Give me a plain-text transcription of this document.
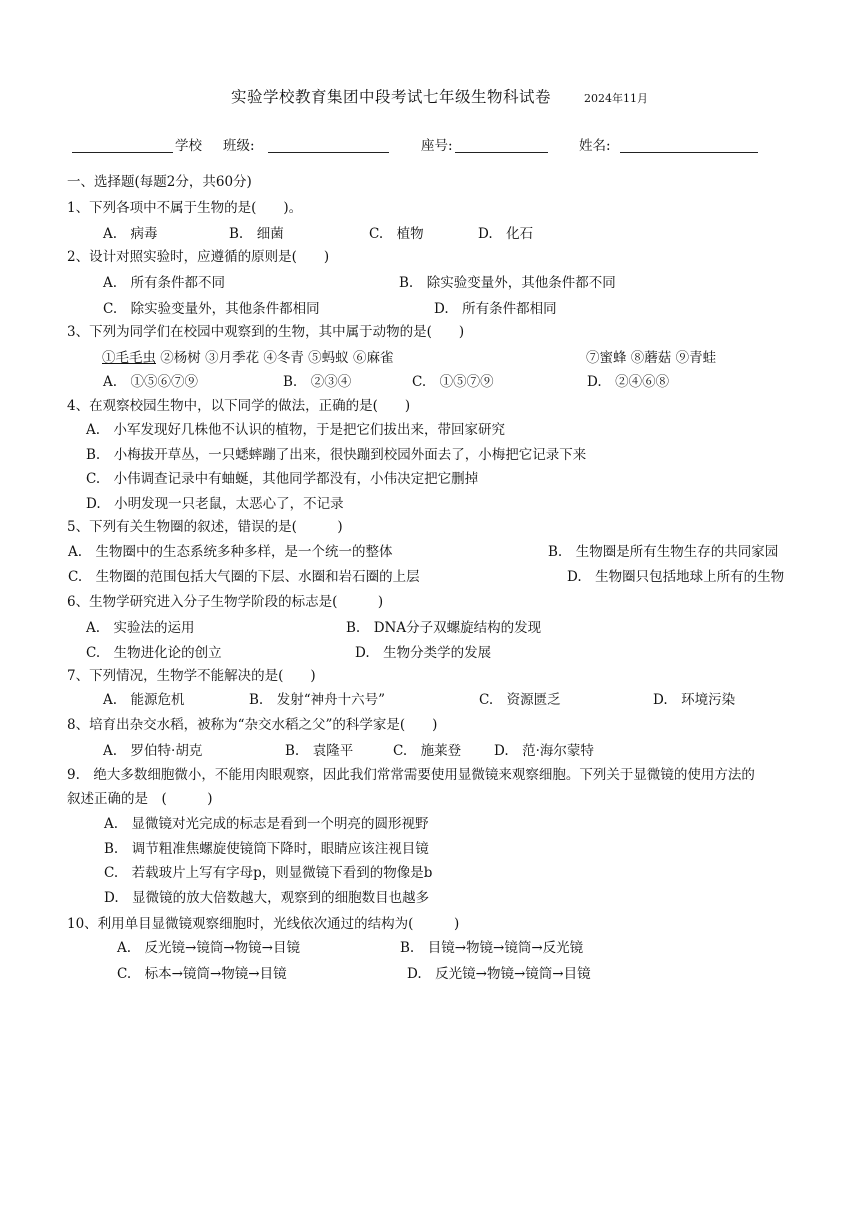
实验学校教育集团中段考试七年级生物科试卷	2024年11月
学校 班级:	座号:	姓名:
一、选择题(每题2分，共60分)
1、下列各项中不属于生物的是(　　)。
A.　病毒	B.　细菌	C.　植物	D.　化石
2、设计对照实验时，应遵循的原则是(　　)
A.　所有条件都不同	B.　除实验变量外，其他条件都不同
C.　除实验变量外，其他条件都相同	D.　所有条件都相同
3、下列为同学们在校园中观察到的生物，其中属于动物的是(　　)
①毛毛虫 ②杨树 ③月季花 ④冬青 ⑤蚂蚁 ⑥麻雀	⑦蜜蜂 ⑧蘑菇 ⑨青蛙
A.　①⑤⑥⑦⑨	B.　②③④	C.　①⑤⑦⑨	D.　②④⑥⑧
4、在观察校园生物中，以下同学的做法，正确的是(　　)
A.　小军发现好几株他不认识的植物，于是把它们拔出来，带回家研究
B.　小梅拔开草丛，一只蟋蟀蹦了出来，很快蹦到校园外面去了，小梅把它记录下来
C.　小伟调查记录中有蚰蜒，其他同学都没有，小伟决定把它删掉
D.　小明发现一只老鼠，太恶心了，不记录
5、下列有关生物圈的叙述，错误的是(　　　)
A.　生物圈中的生态系统多种多样，是一个统一的整体	B.　生物圈是所有生物生存的共同家园
C.　生物圈的范围包括大气圈的下层、水圈和岩石圈的上层	D.　生物圈只包括地球上所有的生物
6、生物学研究进入分子生物学阶段的标志是(　　　)
A.　实验法的运用	B.　DNA分子双螺旋结构的发现
C.　生物进化论的创立	D.　生物分类学的发展
7、下列情况，生物学不能解决的是(　　)
A.　能源危机	B.　发射“神舟十六号”	C.　资源匮乏	D.　环境污染
8、培育出杂交水稻，被称为“杂交水稻之父”的科学家是(　　)
A.　罗伯特·胡克	B.　袁隆平	C.　施莱登 D.　范·海尔蒙特
9.　绝大多数细胞微小，不能用肉眼观察，因此我们常常需要使用显微镜来观察细胞。下列关于显微镜的使用方法的
叙述正确的是　(　　　)
A.　显微镜对光完成的标志是看到一个明亮的圆形视野
B.　调节粗准焦螺旋使镜筒下降时，眼睛应该注视目镜
C.　若载玻片上写有字母p，则显微镜下看到的物像是b
D.　显微镜的放大倍数越大，观察到的细胞数目也越多
10、利用单目显微镜观察细胞时，光线依次通过的结构为(　　　)
A.　反光镜→镜筒→物镜→目镜	B.　目镜→物镜→镜筒→反光镜
C.　标本→镜筒→物镜→目镜	D.　反光镜→物镜→镜筒→目镜
